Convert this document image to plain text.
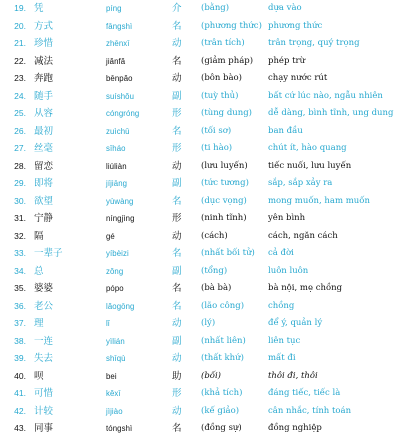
19. 凭	píng	介 (bằng)	dựa vào
20. 方式	fāngshì	名 (phương thức) phương thức
21. 珍惜	zhēnxī	动 (trân tích)	trân trọng, quý trọng
22. 减法	jiǎnfǎ	名 (giảm pháp) phép trừ
23. 奔跑	bēnpǎo	动 (bôn bào)	chạy nước rút
24. 随手	suíshǒu	副 (tuỳ thủ)	bất cứ lúc nào, ngẫu nhiên
25. 从容	cóngróng	形 (tùng dung) dễ dàng, bình tĩnh, ung dung
26. 最初	zuìchū	名 (tối sơ)	ban đầu
27. 丝毫	sīháo	形 (ti hào)	chút ít, hào quang
28. 留恋	liúliàn	动 (lưu luyến) tiếc nuối, lưu luyến
29. 即将	jíjiāng	副 (tức tương) sắp, sắp xảy ra
30. 欲望	yùwàng	名 (dục vọng) mong muốn, ham muốn
31. 宁静	níngjìng	形 (ninh tĩnh)	yên bình
32. 隔	gé	动 (cách)	cách, ngăn cách
33. 一辈子	yíbèizi	名 (nhất bối tử) cả đời
34. 总	zǒng	副 (tổng)	luôn luôn
35. 婆婆	pópo	名 (bà bà)	bà nội, mẹ chồng
36. 老公	lǎogōng	名 (lão công)	chồng
37. 理	lǐ	动 (lý)	để ý, quản lý
38. 一连	yìlián	副 (nhất liên)	liên tục
39. 失去	shīqù	动 (thất khứ)	mất đi
40. 呗	bei	助 (bối)	thôi đi, thôi
41. 可惜	kěxī	形 (khả tích)	đáng tiếc, tiếc là
42. 计较	jìjiào	动 (kế giảo)	cân nhắc, tính toán
43. 同事	tóngshì	名 (đồng sự)	đồng nghiệp
